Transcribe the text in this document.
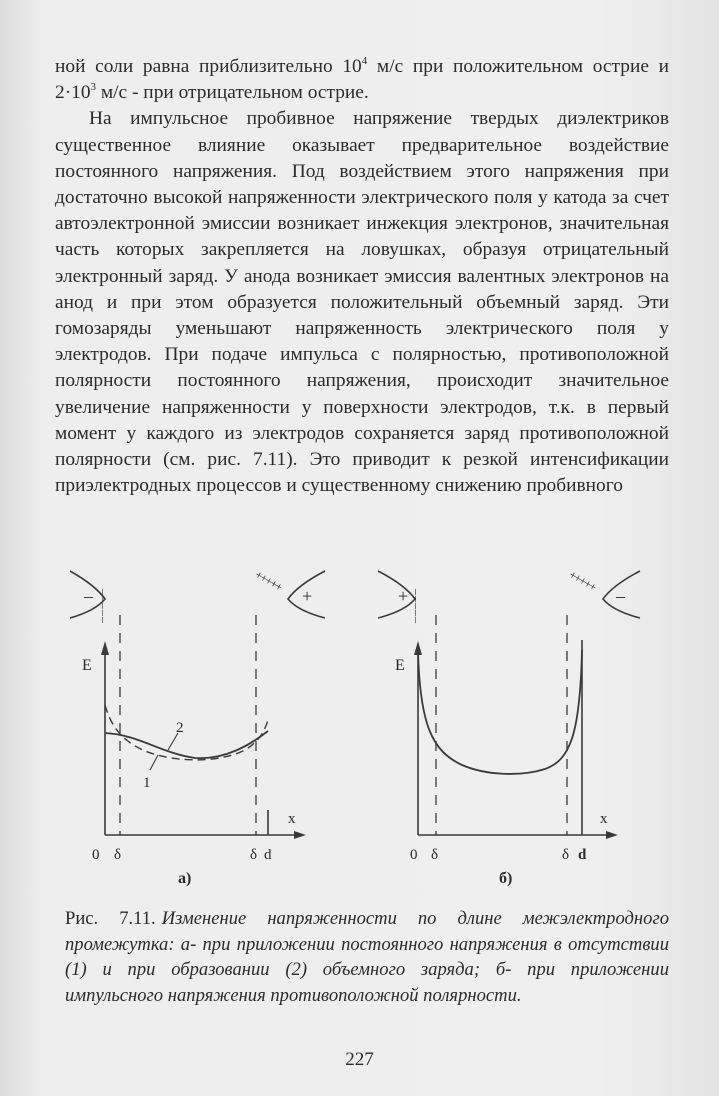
ной соли равна приблизительно $10^4$ м/с при положительном острие и $2\cdot 10^3$ м/с - при отрицательном острие.

На импульсное пробивное напряжение твердых диэлектриков существенное влияние оказывает предварительное воздействие постоянного напряжения. Под воздействием этого напряжения при достаточно высокой напряженности электрического поля у катода за счет автоэлектронной эмиссии возникает инжекция электронов, значительная часть которых закрепляется на ловушках, образуя отрицательный электронный заряд. У анода возникает эмиссия валентных электронов на анод и при этом образуется положительный объемный заряд. Эти гомозаряды уменьшают напряженность электрического поля у электродов. При подаче импульса с полярностью, противоположной полярности постоянного напряжения, происходит значительное увеличение напряженности у поверхности электродов, т.к. в первый момент у каждого из электродов сохраняется заряд противоположной полярности (см. рис. 7.11). Это приводит к резкой интенсификации приэлектродных процессов и существенному снижению пробивного

– – – – – –	+
+ + + + +
E
x
0 δ	δ d
1
2
а)
+ – – – – –	–
+ + + + +
E
x
0 δ	δ d
б)
Рис. 7.11. Изменение напряженности по длине межэлектродного промежутка: а- при приложении постоянного напряжения в отсутствии (1) и при образовании (2) объемного заряда; б- при приложении импульсного напряжения противоположной полярности.
227
